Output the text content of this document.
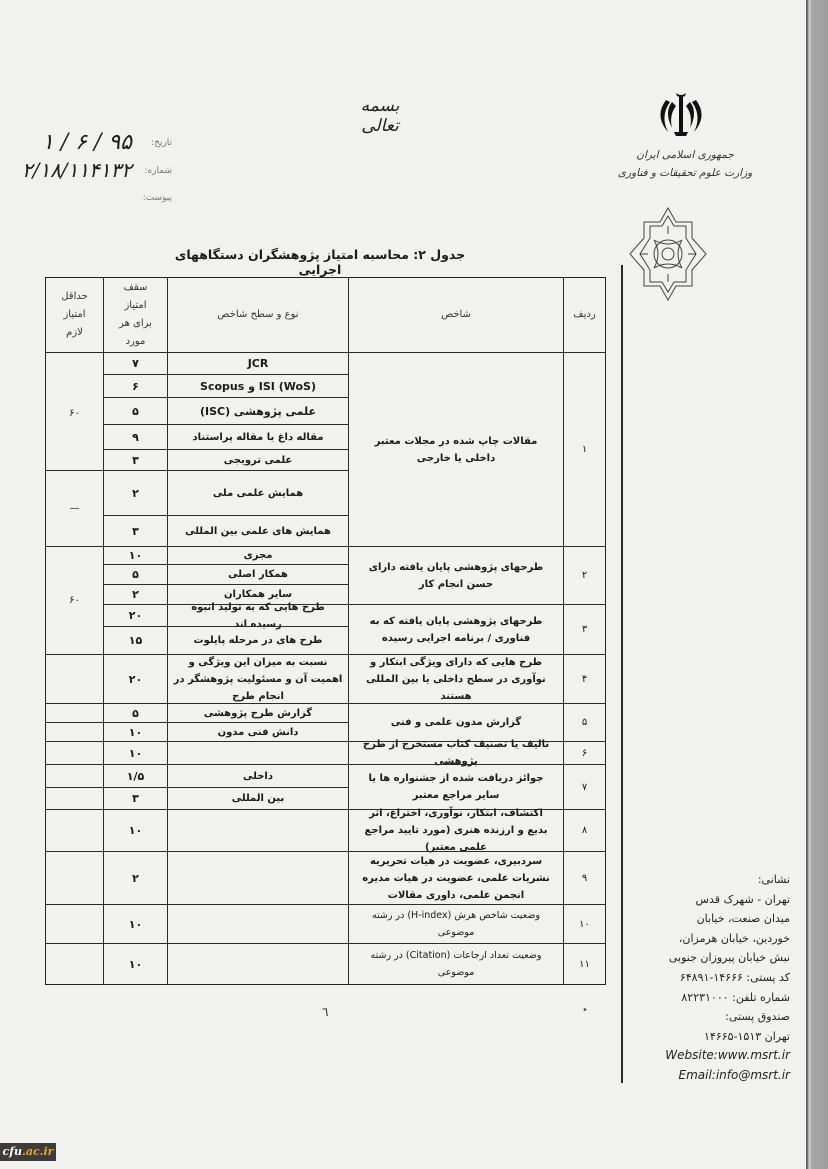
بسمه تعالی
تاریخ:
۱ / ۶ / ۹۵
شماره:
۲/۱۸/۱۱۴۱۳۲
پیوست:
جمهوری اسلامی ایران
وزارت علوم تحقیقات و فناوری
جدول ۲: محاسبه امتیاز پژوهشگران دستگاههای اجرایی
ردیف
شاخص
نوع و سطح شاخص
سقف امتیاز برای هر مورد
حداقل امتیاز لازم
۱
مقالات چاپ شده در مجلات معتبر داخلی یا خارجی
JCR
۷
ISI (WoS) و Scopus
۶
علمی پژوهشی (ISC)
۵
مقاله داغ یا مقاله پراستناد
۹
علمی ترویجی
۳
همایش علمی ملی
۲
همایش های علمی بین المللی
۳
۶۰
—
۲
طرحهای پژوهشی پایان یافته دارای حسن انجام کار
مجری
۱۰
همکار اصلی
۵
سایر همکاران
۲
۶۰
۳
طرحهای پژوهشی پایان یافته که به فناوری / برنامه اجرایی رسیده
طرح هایی که به تولید انبوه رسیده اند
۲۰
طرح های در مرحله پایلوت
۱۵
۴
طرح هایی که دارای ویژگی ابتکار و نوآوری در سطح داخلی یا بین المللی هستند
نسبت به میزان این ویژگی و اهمیت آن و مسئولیت پژوهشگر در انجام طرح
۲۰
۵
گزارش مدون علمی و فنی
گزارش طرح پژوهشی
۵
دانش فنی مدون
۱۰
۶
تالیف یا تصنیف کتاب مستخرج از طرح پژوهشی
۱۰
۷
جوائز دریافت شده از جشنواره ها یا سایر مراجع معتبر
داخلی
۱/۵
بین المللی
۳
۸
اکتشاف، ابتکار، نوآوری، اختراع، اثر بدیع و ارزنده هنری (مورد تایید مراجع علمی معتبر)
۱۰
۹
سردبیری، عضویت در هیات تحریریه نشریات علمی، عضویت در هیات مدیره انجمن علمی، داوری مقالات
۲
۱۰
وضعیت شاخص هرش (H-index) در رشته موضوعی
۱۰
۱۱
وضعیت تعداد ارجاعات (Citation) در رشته موضوعی
۱۰
نشانی:
تهران - شهرک قدس
میدان صنعت، خیابان
خوردین، خیابان هرمزان،
نبش خیابان پیروزان جنوبی
کد پستی: ۱۴۶۶۶-۶۴۸۹۱
شماره تلفن: ۸۲۲۳۱۰۰۰
صندوق پستی:
تهران ۱۵۱۳-۱۴۶۶۵
Website:www.msrt.ir
Email:info@msrt.ir
٦	•
cfu.ac.ir
